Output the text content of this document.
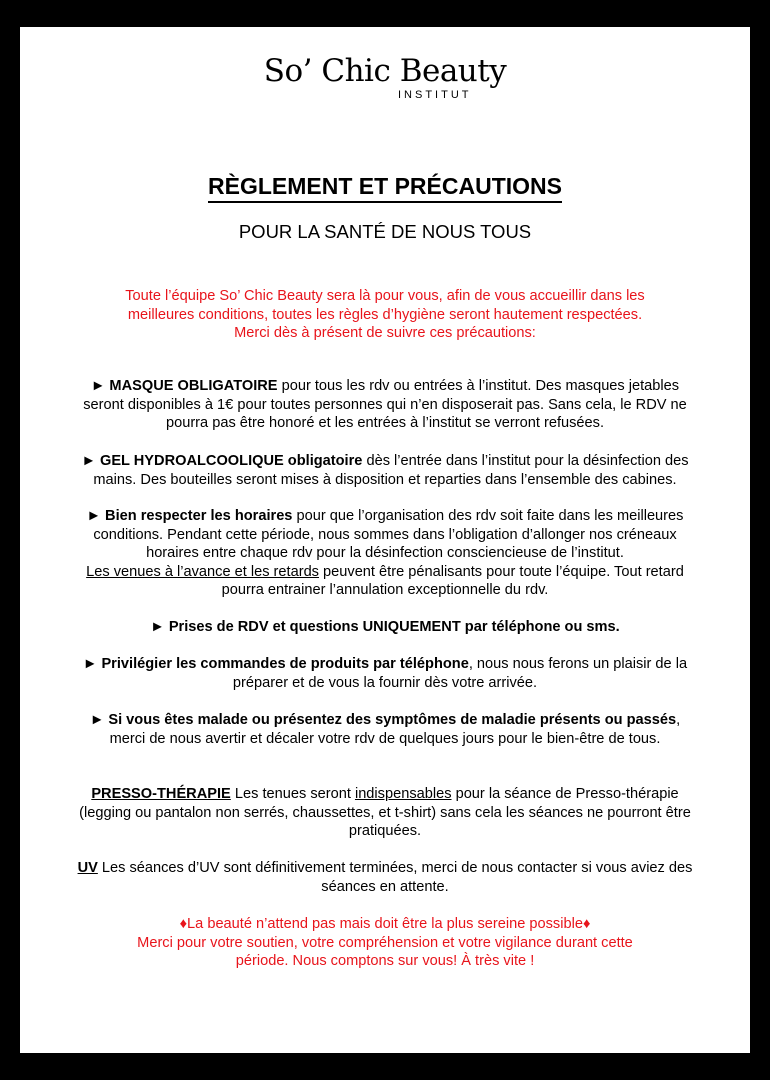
So’ Chic Beauty
INSTITUT
RÈGLEMENT ET PRÉCAUTIONS
POUR LA SANTÉ DE NOUS TOUS
Toute l’équipe So’ Chic Beauty sera là pour vous, afin de vous accueillir dans les
meilleures conditions, toutes les règles d’hygiène seront hautement respectées.
Merci dès à présent de suivre ces précautions:
► MASQUE OBLIGATOIRE pour tous les rdv ou entrées à l’institut. Des masques jetables
seront disponibles à 1€ pour toutes personnes qui n’en disposerait pas. Sans cela, le RDV ne
pourra pas être honoré et les entrées à l’institut se verront refusées.
► GEL HYDROALCOOLIQUE obligatoire dès l’entrée dans l’institut pour la désinfection des
mains. Des bouteilles seront mises à disposition et reparties dans l’ensemble des cabines.
► Bien respecter les horaires pour que l’organisation des rdv soit faite dans les meilleures
conditions. Pendant cette période, nous sommes dans l’obligation d’allonger nos créneaux
horaires entre chaque rdv pour la désinfection consciencieuse de l’institut.
Les venues à l’avance et les retards peuvent être pénalisants pour toute l’équipe. Tout retard
pourra entrainer l’annulation exceptionnelle du rdv.
► Prises de RDV et questions UNIQUEMENT par téléphone ou sms.
► Privilégier les commandes de produits par téléphone, nous nous ferons un plaisir de la
préparer et de vous la fournir dès votre arrivée.
► Si vous êtes malade ou présentez des symptômes de maladie présents ou passés,
merci de nous avertir et décaler votre rdv de quelques jours pour le bien-être de tous.
PRESSO-THÉRAPIE Les tenues seront indispensables pour la séance de Presso-thérapie
(legging ou pantalon non serrés, chaussettes, et t-shirt) sans cela les séances ne pourront être
pratiquées.
UV Les séances d’UV sont définitivement terminées, merci de nous contacter si vous aviez des
séances en attente.
♦La beauté n’attend pas mais doit être la plus sereine possible♦
Merci pour votre soutien, votre compréhension et votre vigilance durant cette
période. Nous comptons sur vous! À très vite !
